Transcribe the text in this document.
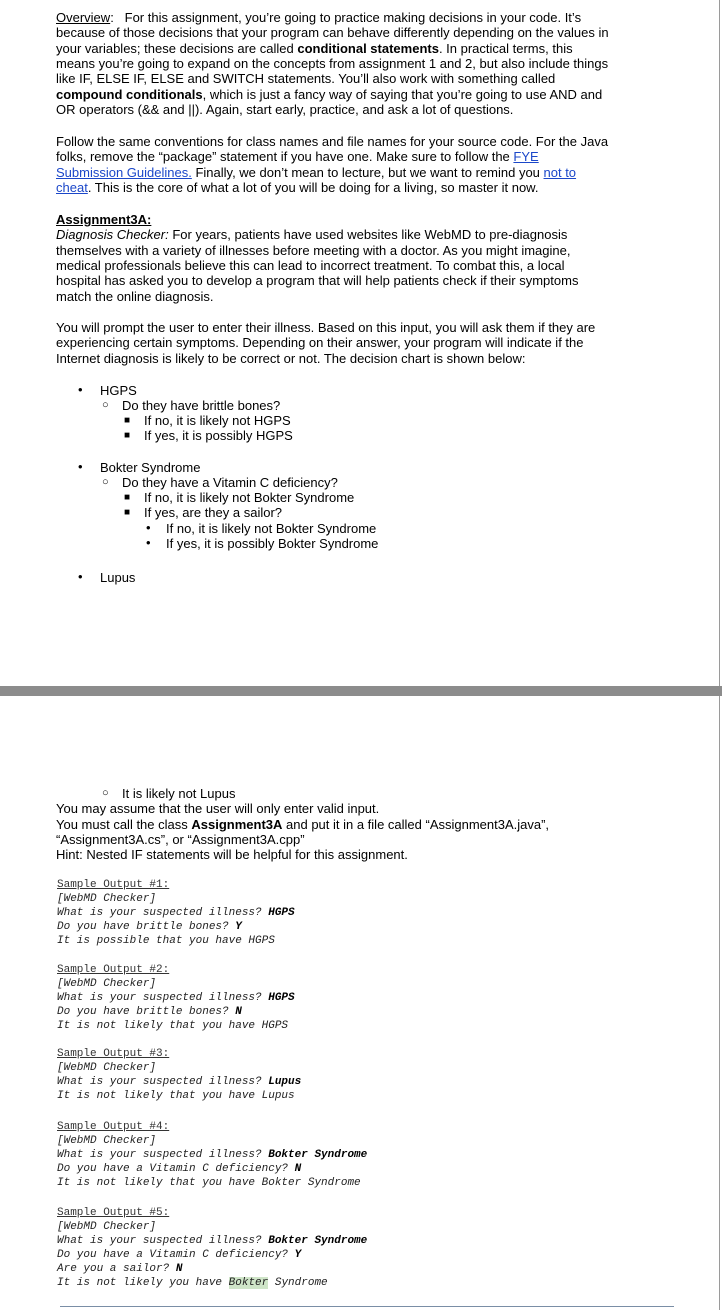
Overview:   For this assignment, you’re going to practice making decisions in your code. It’s
because of those decisions that your program can behave differently depending on the values in
your variables; these decisions are called conditional statements. In practical terms, this
means you’re going to expand on the concepts from assignment 1 and 2, but also include things
like IF, ELSE IF, ELSE and SWITCH statements. You’ll also work with something called
compound conditionals, which is just a fancy way of saying that you’re going to use AND and
OR operators (&& and ||). Again, start early, practice, and ask a lot of questions.
Follow the same conventions for class names and file names for your source code. For the Java
folks, remove the “package” statement if you have one. Make sure to follow the FYE
Submission Guidelines. Finally, we don’t mean to lecture, but we want to remind you not to
cheat. This is the core of what a lot of you will be doing for a living, so master it now.
Assignment3A:
Diagnosis Checker: For years, patients have used websites like WebMD to pre-diagnosis
themselves with a variety of illnesses before meeting with a doctor. As you might imagine,
medical professionals believe this can lead to incorrect treatment. To combat this, a local
hospital has asked you to develop a program that will help patients check if their symptoms
match the online diagnosis.
You will prompt the user to enter their illness. Based on this input, you will ask them if they are
experiencing certain symptoms. Depending on their answer, your program will indicate if the
Internet diagnosis is likely to be correct or not. The decision chart is shown below:
• HGPS
○ Do they have brittle bones?
■ If no, it is likely not HGPS
■ If yes, it is possibly HGPS
• Bokter Syndrome
○ Do they have a Vitamin C deficiency?
■ If no, it is likely not Bokter Syndrome
■ If yes, are they a sailor?
• If no, it is likely not Bokter Syndrome
• If yes, it is possibly Bokter Syndrome
• Lupus
○ It is likely not Lupus
You may assume that the user will only enter valid input.
You must call the class Assignment3A and put it in a file called “Assignment3A.java”,
“Assignment3A.cs”, or “Assignment3A.cpp”
Hint: Nested IF statements will be helpful for this assignment.
Sample Output #1:
[WebMD Checker]
What is your suspected illness? HGPS
Do you have brittle bones? Y
It is possible that you have HGPS
Sample Output #2:
[WebMD Checker]
What is your suspected illness? HGPS
Do you have brittle bones? N
It is not likely that you have HGPS
Sample Output #3:
[WebMD Checker]
What is your suspected illness? Lupus
It is not likely that you have Lupus
Sample Output #4:
[WebMD Checker]
What is your suspected illness? Bokter Syndrome
Do you have a Vitamin C deficiency? N
It is not likely that you have Bokter Syndrome
Sample Output #5:
[WebMD Checker]
What is your suspected illness? Bokter Syndrome
Do you have a Vitamin C deficiency? Y
Are you a sailor? N
It is not likely you have Bokter Syndrome
